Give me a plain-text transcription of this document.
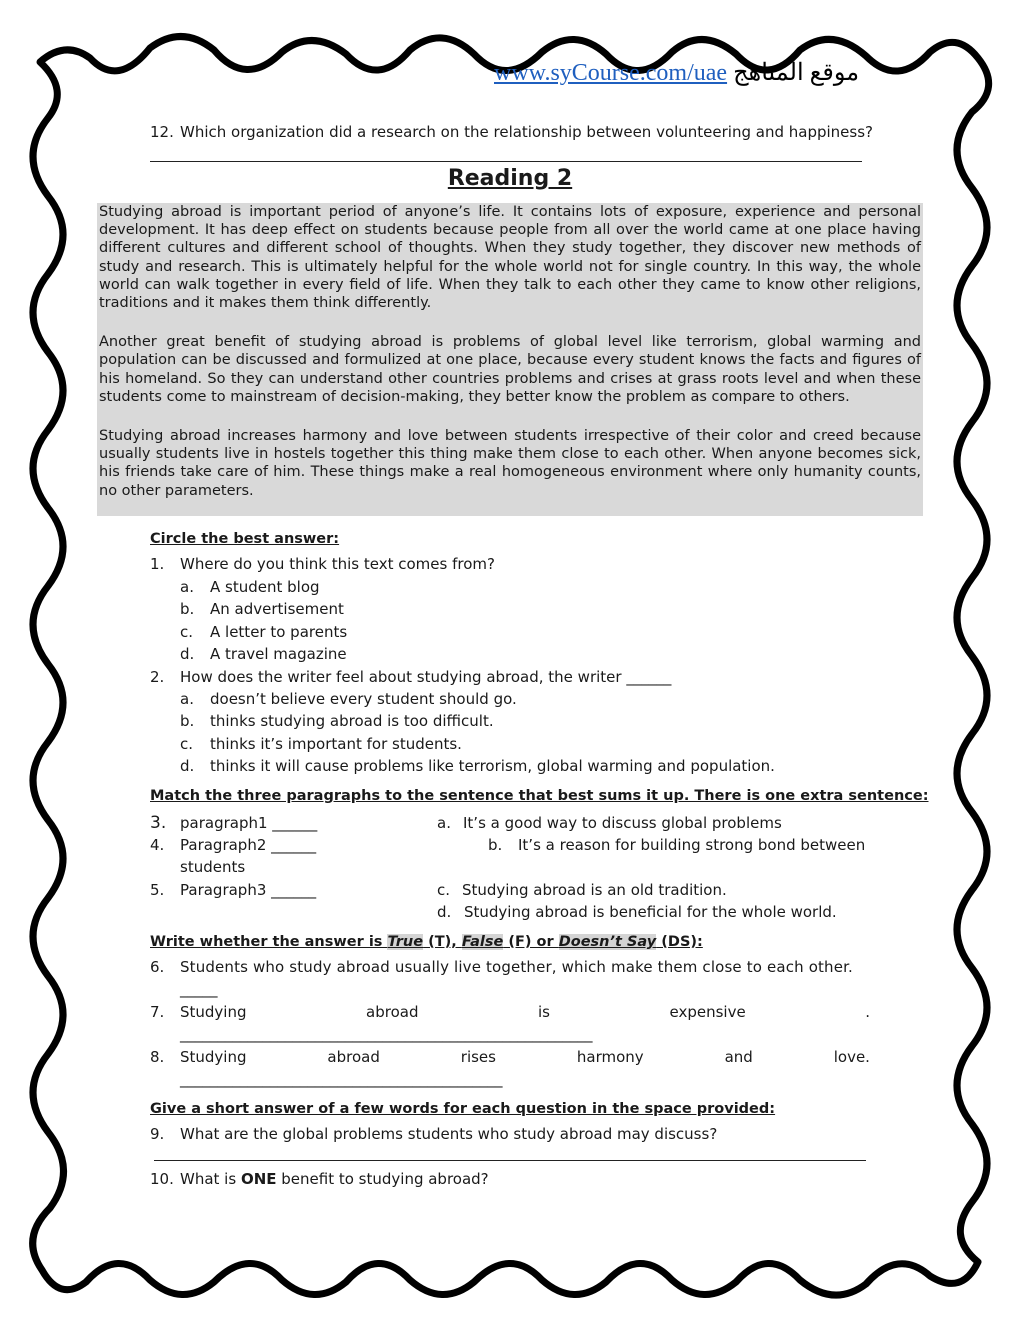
www.syCourse.com/uae موقع المناهج
12. Which organization did a research on the relationship between volunteering and happiness?
Reading 2

Studying abroad is important period of anyone’s life. It contains lots of exposure, experience and personal development. It has deep effect on students because people from all over the world came at one place having different cultures and different school of thoughts. When they study together, they discover new methods of study and research. This is ultimately helpful for the whole world not for single country. In this way, the whole world can walk together in every field of life. When they talk to each other they came to know other religions, traditions and it makes them think differently.

Another great benefit of studying abroad is problems of global level like terrorism, global warming and population can be discussed and formulized at one place, because every student knows the facts and figures of his homeland. So they can understand other countries problems and crises at grass roots level and when these students come to mainstream of decision-making, they better know the problem as compare to others.

Studying abroad increases harmony and love between students irrespective of their color and creed because usually students live in hostels together this thing make them close to each other. When anyone becomes sick, his friends take care of him. These things make a real homogeneous environment where only humanity counts, no other parameters.

Circle the best answer:
1. Where do you think this text comes from?
a. A student blog
b. An advertisement
c. A letter to parents
d. A travel magazine
2. How does the writer feel about studying abroad, the writer ______
a. doesn’t believe every student should go.
b. thinks studying abroad is too difficult.
c. thinks it’s important for students.
d. thinks it will cause problems like terrorism, global warming and population.
Match the three paragraphs to the sentence that best sums it up. There is one extra sentence:
3. paragraph1 ______
4. Paragraph2 ______
students
5. Paragraph3 ______
a. It’s a good way to discuss global problems
b. It’s a reason for building strong bond between
c. Studying abroad is an old tradition.
d. Studying abroad is beneficial for the whole world.
Write whether the answer is True (T), False (F) or Doesn’t Say (DS):
6. Students who study abroad usually live together, which make them close to each other.
_____
7.	Studying	abroad	is	expensive	.
_______________________________________________________
8.	Studying	abroad	rises	harmony	and	love.
___________________________________________
Give a short answer of a few words for each question in the space provided:
9. What are the global problems students who study abroad may discuss?
10. What is ONE benefit to studying abroad?
